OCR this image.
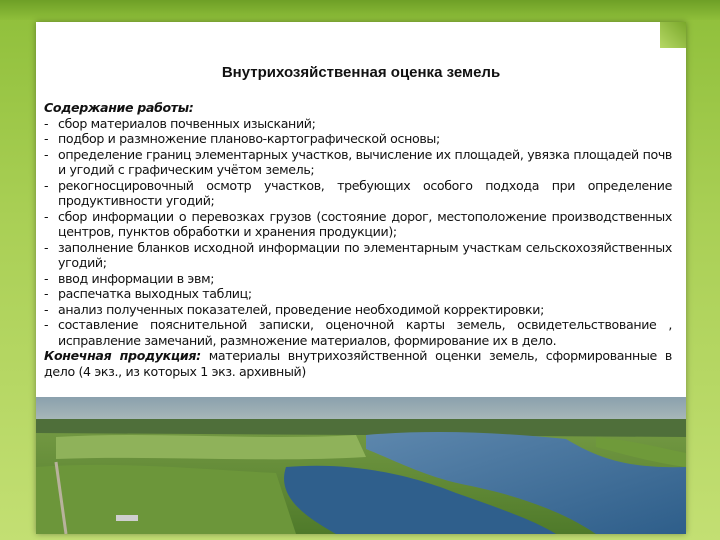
Внутрихозяйственная оценка земель
Содержание работы:
- сбор материалов почвенных изысканий;
- подбор и размножение планово-картографической основы;
- определение границ элементарных участков, вычисление их площадей, увязка площадей почв и угодий с графическим учётом земель;
- рекогносцировочный осмотр участков, требующих особого подхода при определение продуктивности угодий;
- сбор информации о перевозках грузов (состояние дорог, местоположение производственных центров, пунктов обработки и хранения продукции);
- заполнение бланков исходной информации по элементарным участкам сельскохозяйственных угодий;
- ввод информации в эвм;
- распечатка выходных таблиц;
- анализ полученных показателей, проведение необходимой корректировки;
- составление пояснительной записки, оценочной карты земель, освидетельствование , исправление замечаний, размножение материалов, формирование их в дело.
Конечная продукция: материалы внутрихозяйственной оценки земель, сформированные в дело (4 экз., из которых 1 экз. архивный)
